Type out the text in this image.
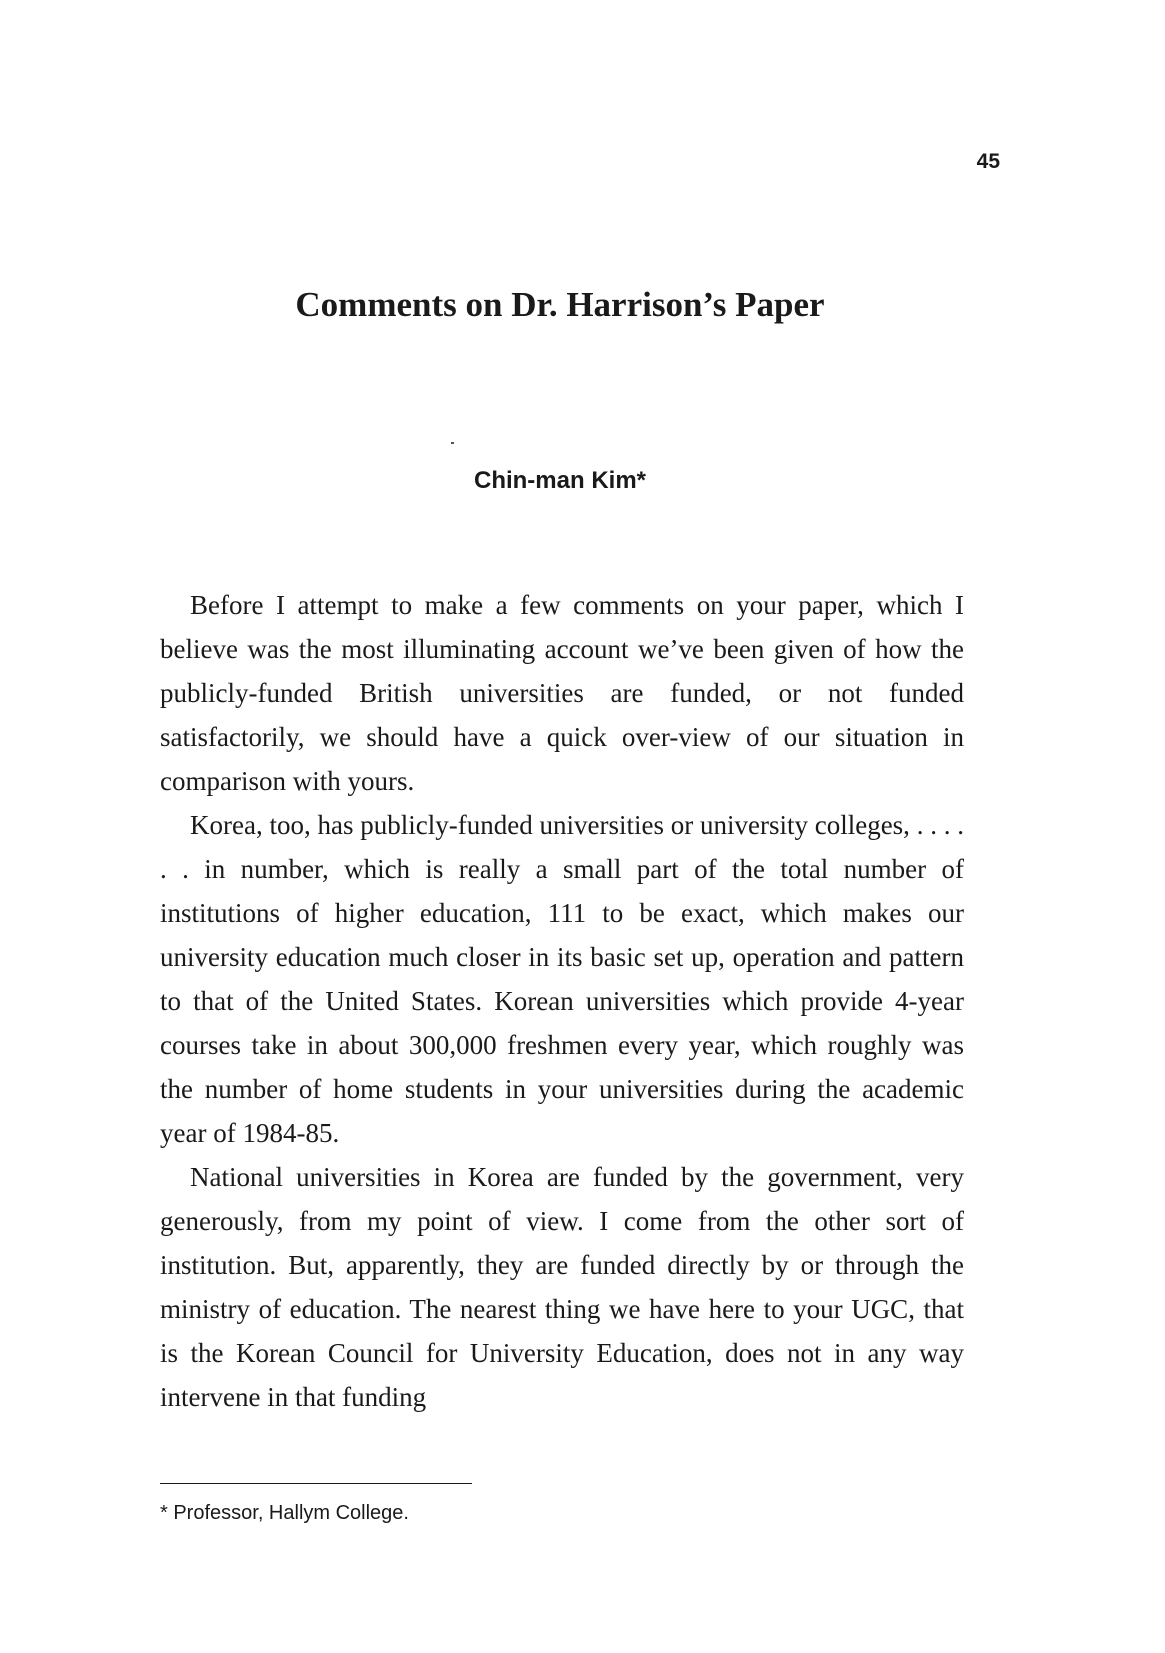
45
Comments on Dr. Harrison’s Paper
Chin-man Kim*

Before I attempt to make a few comments on your paper, which I believe was the most illuminating account we’ve been given of how the publicly-funded British universities are funded, or not funded satisfactorily, we should have a quick over-view of our situation in comparison with yours.

Korea, too, has publicly-funded universities or university colleges, . . . . . . in number, which is really a small part of the total number of institutions of higher education, 111 to be exact, which makes our university education much closer in its basic set up, operation and pattern to that of the United States. Korean universities which provide 4-year courses take in about 300,000 freshmen every year, which roughly was the number of home students in your universities during the academic year of 1984-85.

National universities in Korea are funded by the government, very generously, from my point of view. I come from the other sort of institution. But, apparently, they are funded directly by or through the ministry of education. The nearest thing we have here to your UGC, that is the Korean Council for University Education, does not in any way intervene in that funding

* Professor, Hallym College.
